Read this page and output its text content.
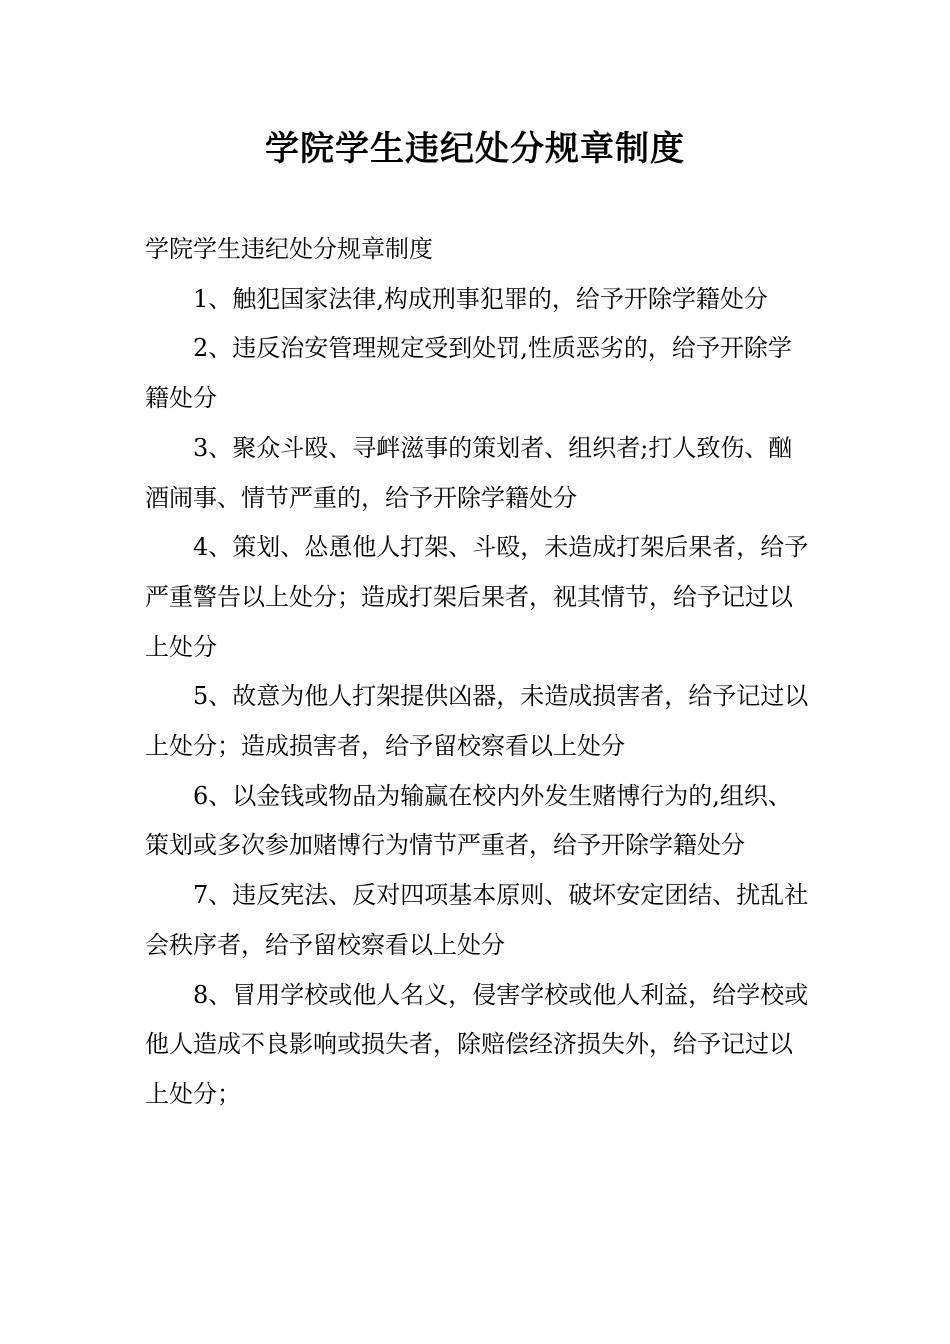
学院学生违纪处分规章制度

学院学生违纪处分规章制度

1、触犯国家法律,构成刑事犯罪的，给予开除学籍处分

2、违反治安管理规定受到处罚,性质恶劣的，给予开除学籍处分

3、聚众斗殴、寻衅滋事的策划者、组织者;打人致伤、酗酒闹事、情节严重的，给予开除学籍处分

4、策划、怂恿他人打架、斗殴，未造成打架后果者，给予严重警告以上处分；造成打架后果者，视其情节，给予记过以上处分

5、故意为他人打架提供凶器，未造成损害者，给予记过以上处分；造成损害者，给予留校察看以上处分

6、以金钱或物品为输赢在校内外发生赌博行为的,组织、策划或多次参加赌博行为情节严重者，给予开除学籍处分

7、违反宪法、反对四项基本原则、破坏安定团结、扰乱社会秩序者，给予留校察看以上处分

8、冒用学校或他人名义，侵害学校或他人利益，给学校或他人造成不良影响或损失者，除赔偿经济损失外，给予记过以上处分；
